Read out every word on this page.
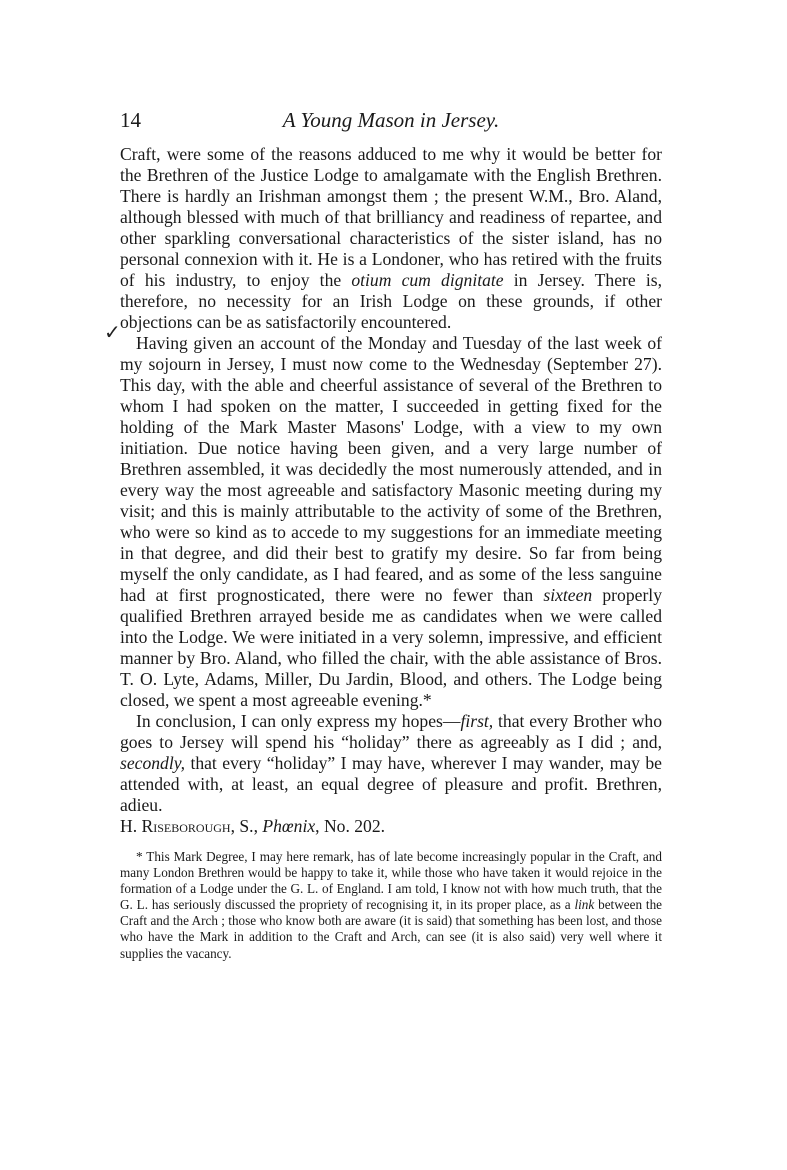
✓
14	A Young Mason in Jersey.

Craft, were some of the reasons adduced to me why it would be better for the Brethren of the Justice Lodge to amalgamate with the English Brethren. There is hardly an Irishman amongst them ; the present W.M., Bro. Aland, although blessed with much of that brilliancy and readiness of repartee, and other sparkling conversational characteristics of the sister island, has no personal connexion with it. He is a Londoner, who has retired with the fruits of his industry, to enjoy the otium cum dignitate in Jersey. There is, therefore, no necessity for an Irish Lodge on these grounds, if other objections can be as satisfactorily encountered.

Having given an account of the Monday and Tuesday of the last week of my sojourn in Jersey, I must now come to the Wednesday (September 27). This day, with the able and cheerful assistance of several of the Brethren to whom I had spoken on the matter, I succeeded in getting fixed for the holding of the Mark Master Masons' Lodge, with a view to my own initiation. Due notice having been given, and a very large number of Brethren assembled, it was decidedly the most numerously attended, and in every way the most agreeable and satisfactory Masonic meeting during my visit; and this is mainly attributable to the activity of some of the Brethren, who were so kind as to accede to my suggestions for an immediate meeting in that degree, and did their best to gratify my desire. So far from being myself the only candidate, as I had feared, and as some of the less sanguine had at first prognosticated, there were no fewer than sixteen properly qualified Brethren arrayed beside me as candidates when we were called into the Lodge. We were initiated in a very solemn, impressive, and efficient manner by Bro. Aland, who filled the chair, with the able assistance of Bros. T. O. Lyte, Adams, Miller, Du Jardin, Blood, and others. The Lodge being closed, we spent a most agreeable evening.*

In conclusion, I can only express my hopes—first, that every Brother who goes to Jersey will spend his “holiday” there as agreeably as I did ; and, secondly, that every “holiday” I may have, wherever I may wander, may be attended with, at least, an equal degree of pleasure and profit. Brethren, adieu.

H. Riseborough, S., Phœnix, No. 202.

* This Mark Degree, I may here remark, has of late become increasingly popular in the Craft, and many London Brethren would be happy to take it, while those who have taken it would rejoice in the formation of a Lodge under the G. L. of England. I am told, I know not with how much truth, that the G. L. has seriously discussed the propriety of recognising it, in its proper place, as a link between the Craft and the Arch ; those who know both are aware (it is said) that something has been lost, and those who have the Mark in addition to the Craft and Arch, can see (it is also said) very well where it supplies the vacancy.
